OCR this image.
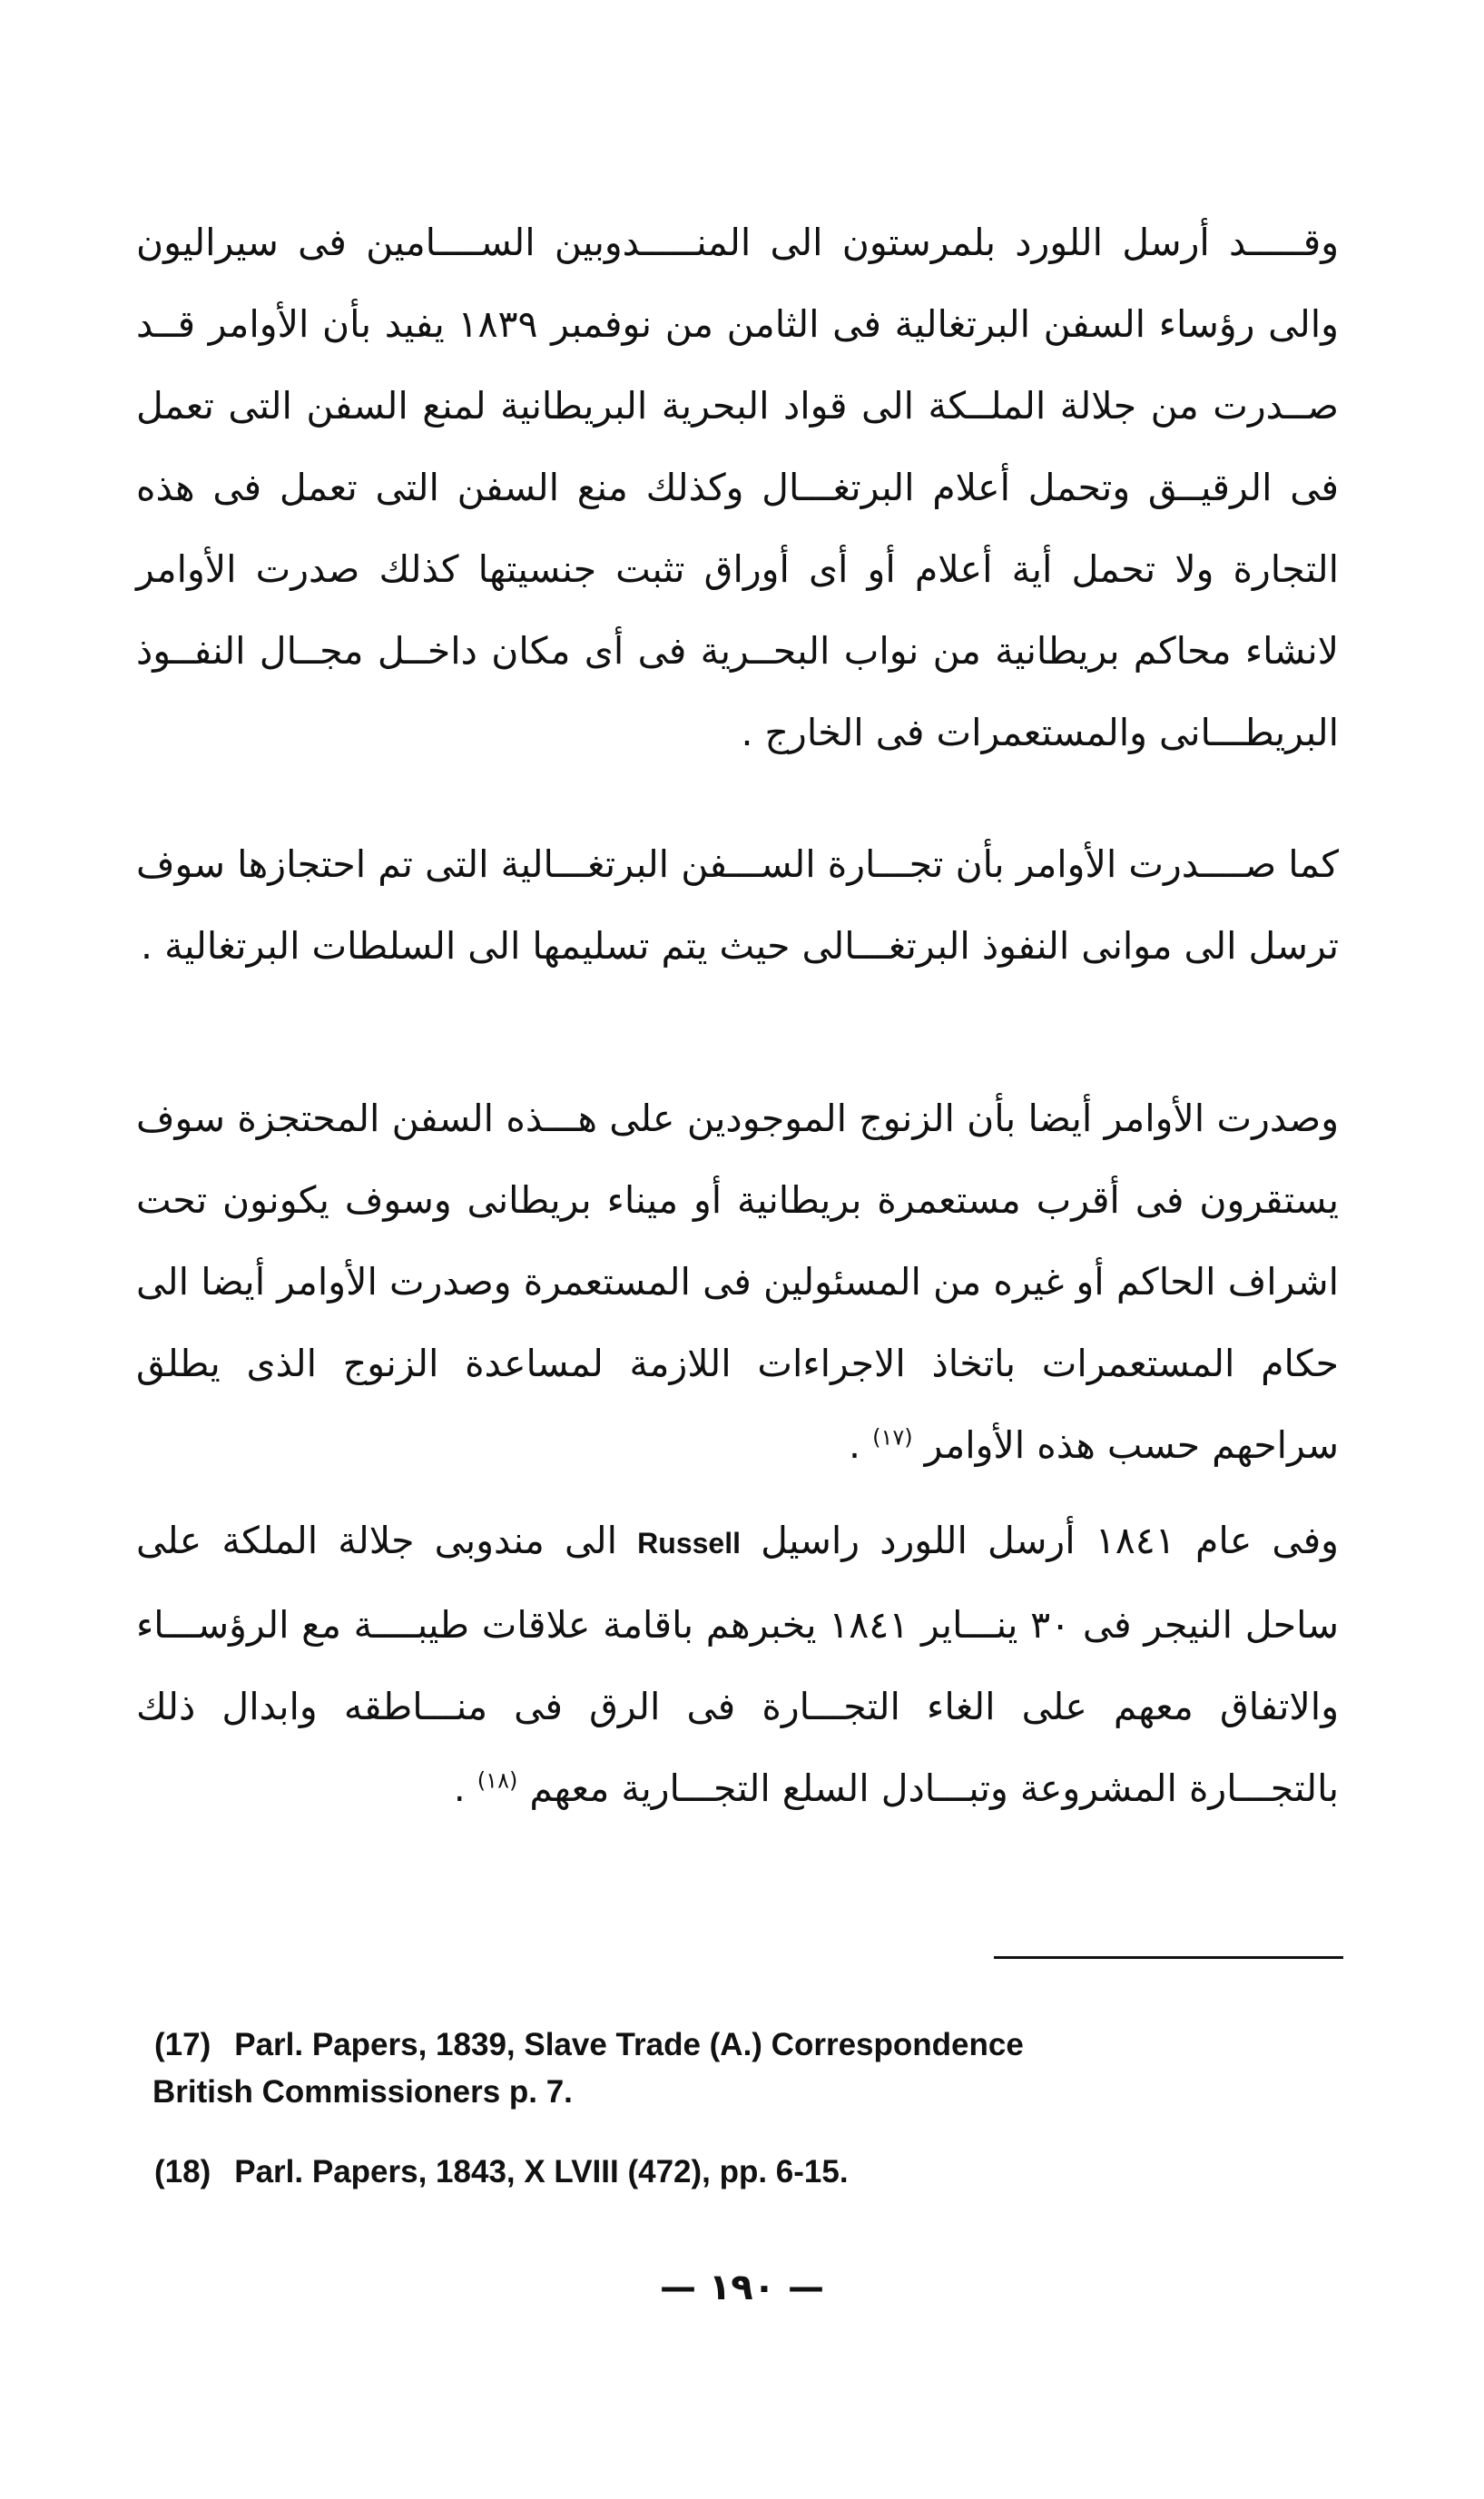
وقـــــد أرسل اللورد بلمرستون الى المنـــــدوبين الســــامين فى سيراليون والى رؤساء السفن البرتغالية فى الثامن من نوفمبر ١٨٣٩ يفيد بأن الأوامر قــد صــدرت من جلالة الملــكة الى قواد البحرية البريطانية لمنع السفن التى تعمل فى الرقيــق وتحمل أعلام البرتغـــال وكذلك منع السفن التى تعمل فى هذه التجارة ولا تحمل أية أعلام أو أى أوراق تثبت جنسيتها كذلك صدرت الأوامر لانشاء محاكم بريطانية من نواب البحــرية فى أى مكان داخــل مجــال النفــوذ البريطـــانى والمستعمرات فى الخارج .

كما صــــدرت الأوامر بأن تجـــارة الســـفن البرتغـــالية التى تم احتجازها سوف ترسل الى موانى النفوذ البرتغـــالى حيث يتم تسليمها الى السلطات البرتغالية .

وصدرت الأوامر أيضا بأن الزنوج الموجودين على هـــذه السفن المحتجزة سوف يستقرون فى أقرب مستعمرة بريطانية أو ميناء بريطانى وسوف يكونون تحت اشراف الحاكم أو غيره من المسئولين فى المستعمرة وصدرت الأوامر أيضا الى حكام المستعمرات باتخاذ الاجراءات اللازمة لمساعدة الزنوج الذى يطلق سراحهم حسب هذه الأوامر $^{(١٧)}$ .

وفى عام ١٨٤١ أرسل اللورد راسيل Russell الى مندوبى جلالة الملكة على ساحل النيجر فى ٣٠ ينـــاير ١٨٤١ يخبرهم باقامة علاقات طيبــــة مع الرؤســـاء والاتفاق معهم على الغاء التجـــارة فى الرق فى منـــاطقه وابدال ذلك بالتجـــارة المشروعة وتبـــادل السلع التجـــارية معهم $^{(١٨)}$ .

(17) Parl. Papers, 1839, Slave Trade (A.) Correspondence
British Commissioners p. 7.
(18) Parl. Papers, 1843, X LVIII (472), pp. 6-15.
— ١٩٠ —
